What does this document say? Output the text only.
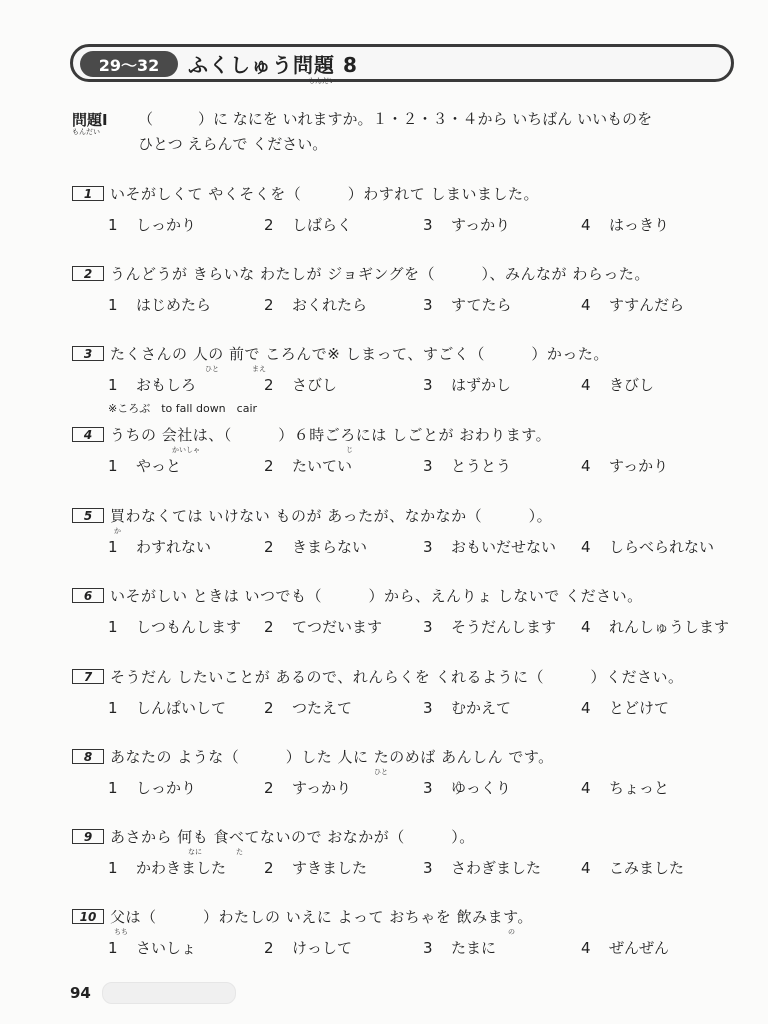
29～32	ふくしゅう問題 8
もんだい
問題Ⅰ
もんだい
（　　　）に なにを いれますか。１・２・３・４から いちばん いいものを
ひとつ えらんで ください。
1	いそがしくて やくそくを（　　　）わすれて しまいました。
1 しっかり	2 しばらく	3 すっかり	4 はっきり
2	うんどうが きらいな わたしが ジョギングを（　　　）、みんなが わらった。
1 はじめたら	2 おくれたら	3 すてたら	4 すすんだら
3	たくさんの 人の 前で ころんで※ しまって、すごく（　　　）かった。
ひと	まえ
1 おもしろ	2 さびし	3 はずかし	4 きびし
※ころぶ　to fall down　cair
4	うちの 会社は、（　　　）６時ごろには しごとが おわります。
かいしゃ	じ
1 やっと	2 たいてい	3 とうとう	4 すっかり
5	買わなくては いけない ものが あったが、なかなか（　　　）。
か
1 わすれない	2 きまらない	3 おもいだせない 4 しらべられない
6	いそがしい ときは いつでも（　　　）から、えんりょ しないで ください。
1 しつもんします 2 てつだいます	3 そうだんします 4 れんしゅうします
7	そうだん したいことが あるので、れんらくを くれるように（　　　）ください。
1 しんぱいして	2 つたえて	3 むかえて	4 とどけて
8	あなたの ような（　　　）した 人に たのめば あんしん です。
ひと
1 しっかり	2 すっかり	3 ゆっくり	4 ちょっと
9	あさから 何も 食べてないので おなかが（　　　）。
なに	た
1 かわきました	2 すきました	3 さわぎました	4 こみました
10 父は（　　　）わたしの いえに よって おちゃを 飲みます。
ちち	の
1 さいしょ	2 けっして	3 たまに	4 ぜんぜん
94
